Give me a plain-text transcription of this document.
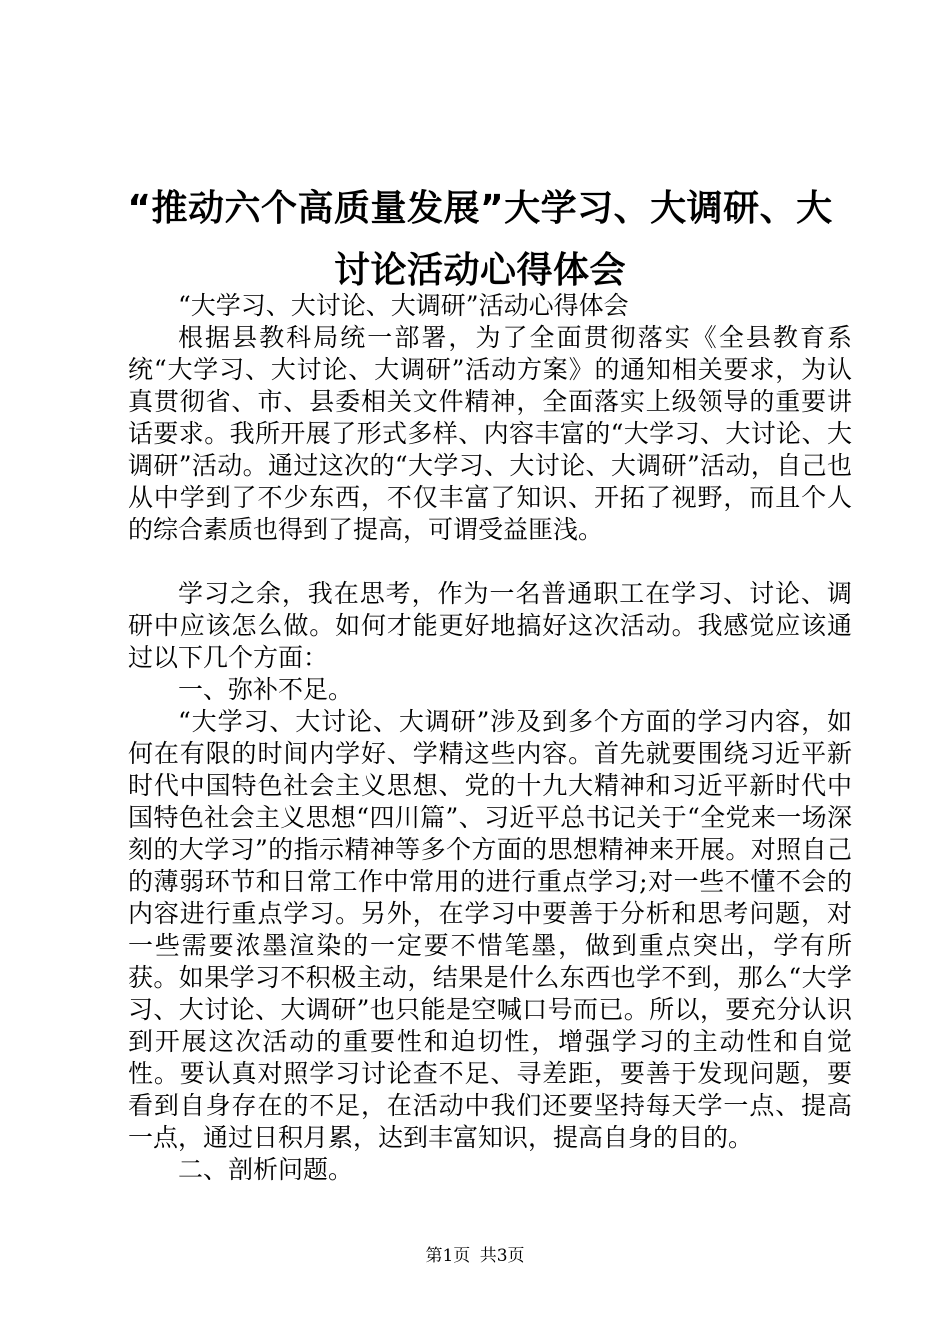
“推动六个高质量发展”大学习、大调研、大
讨论活动心得体会

“大学习、大讨论、大调研”活动心得体会

根据县教科局统一部署，为了全面贯彻落实《全县教育系统“大学习、大讨论、大调研”活动方案》的通知相关要求，为认真贯彻省、市、县委相关文件精神，全面落实上级领导的重要讲话要求。我所开展了形式多样、内容丰富的“大学习、大讨论、大调研”活动。通过这次的“大学习、大讨论、大调研”活动，自己也从中学到了不少东西，不仅丰富了知识、开拓了视野，而且个人的综合素质也得到了提高，可谓受益匪浅。

学习之余，我在思考，作为一名普通职工在学习、讨论、调研中应该怎么做。如何才能更好地搞好这次活动。我感觉应该通过以下几个方面：

一、弥补不足。

“大学习、大讨论、大调研”涉及到多个方面的学习内容，如何在有限的时间内学好、学精这些内容。首先就要围绕习近平新时代中国特色社会主义思想、党的十九大精神和习近平新时代中国特色社会主义思想“四川篇”、习近平总书记关于“全党来一场深刻的大学习”的指示精神等多个方面的思想精神来开展。对照自己的薄弱环节和日常工作中常用的进行重点学习;对一些不懂不会的内容进行重点学习。另外，在学习中要善于分析和思考问题，对一些需要浓墨渲染的一定要不惜笔墨，做到重点突出，学有所获。如果学习不积极主动，结果是什么东西也学不到，那么“大学习、大讨论、大调研”也只能是空喊口号而已。所以，要充分认识到开展这次活动的重要性和迫切性，增强学习的主动性和自觉性。要认真对照学习讨论查不足、寻差距，要善于发现问题，要看到自身存在的不足，在活动中我们还要坚持每天学一点、提高一点，通过日积月累，达到丰富知识，提高自身的目的。

二、剖析问题。

第1页 共3页
